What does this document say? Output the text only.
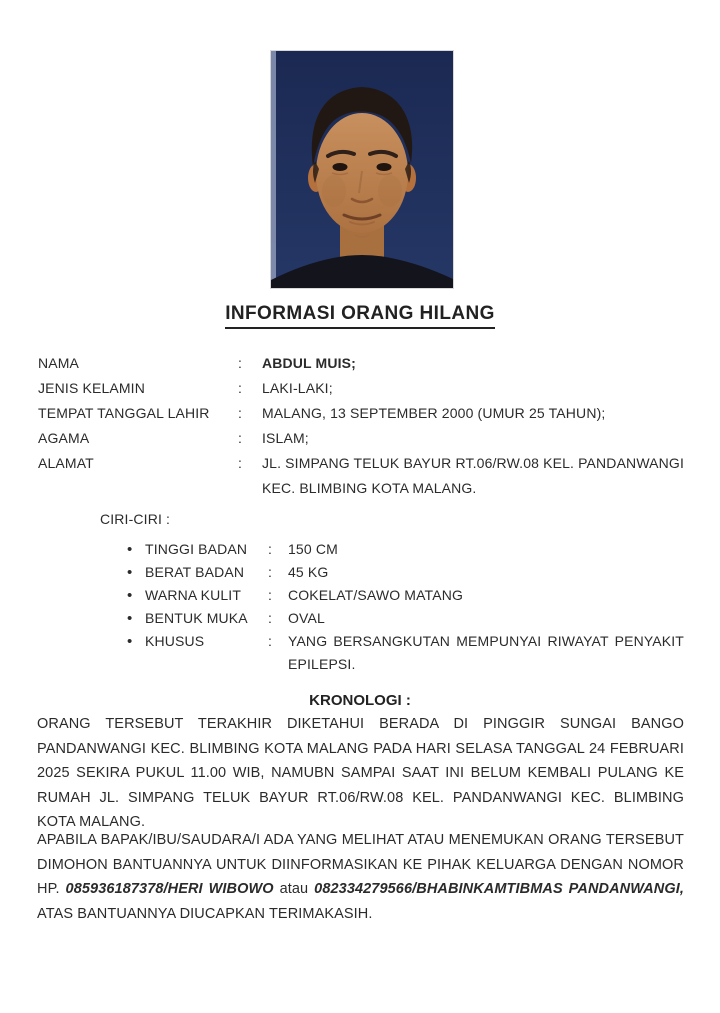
INFORMASI ORANG HILANG
NAMA	:	ABDUL MUIS;
JENIS KELAMIN	:	LAKI-LAKI;
TEMPAT TANGGAL LAHIR	:	MALANG, 13 SEPTEMBER 2000 (UMUR 25 TAHUN);
AGAMA	:	ISLAM;
ALAMAT	:	JL. SIMPANG TELUK BAYUR RT.06/RW.08 KEL. PANDANWANGI KEC. BLIMBING KOTA MALANG.
CIRI-CIRI :
•
TINGGI BADAN	:	150 CM
•
BERAT BADAN	:	45 KG
•
WARNA KULIT	:	COKELAT/SAWO MATANG
•
BENTUK MUKA	:	OVAL
•
KHUSUS	:	YANG BERSANGKUTAN MEMPUNYAI RIWAYAT PENYAKIT EPILEPSI.
KRONOLOGI :

ORANG TERSEBUT TERAKHIR DIKETAHUI BERADA DI PINGGIR SUNGAI BANGO PANDANWANGI KEC. BLIMBING KOTA MALANG PADA HARI SELASA TANGGAL 24 FEBRUARI 2025 SEKIRA PUKUL 11.00 WIB, NAMUBN SAMPAI SAAT INI BELUM KEMBALI PULANG KE RUMAH JL. SIMPANG TELUK BAYUR RT.06/RW.08 KEL. PANDANWANGI KEC. BLIMBING KOTA MALANG.

APABILA BAPAK/IBU/SAUDARA/I ADA YANG MELIHAT ATAU MENEMUKAN ORANG TERSEBUT DIMOHON BANTUANNYA UNTUK DIINFORMASIKAN KE PIHAK KELUARGA DENGAN NOMOR HP. 085936187378/HERI WIBOWO atau 082334279566/BHABINKAMTIBMAS PANDANWANGI, ATAS BANTUANNYA DIUCAPKAN TERIMAKASIH.
